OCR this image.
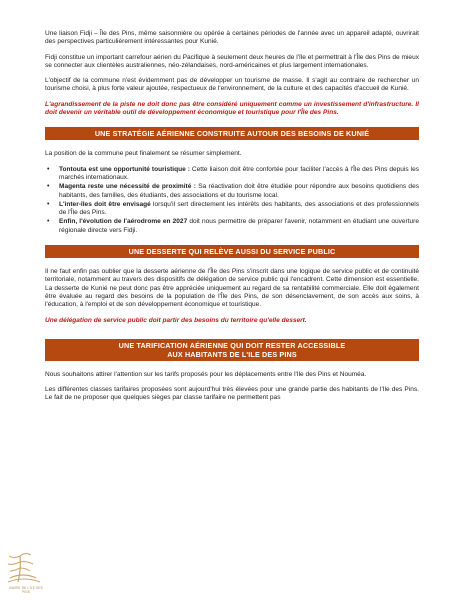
Une liaison Fidji – Île des Pins, même saisonnière ou opérée à certaines périodes de l'année avec un appareil adapté, ouvrirait des perspectives particulièrement intéressantes pour Kunié.

Fidji constitue un important carrefour aérien du Pacifique à seulement deux heures de l'île et permettrait à l'Île des Pins de mieux se connecter aux clientèles australiennes, néo-zélandaises, nord-américaines et plus largement internationales.

L'objectif de la commune n'est évidemment pas de développer un tourisme de masse. Il s'agit au contraire de rechercher un tourisme choisi, à plus forte valeur ajoutée, respectueux de l'environnement, de la culture et des capacités d'accueil de Kunié.

L'agrandissement de la piste ne doit donc pas être considéré uniquement comme un investissement d'infrastructure. Il doit devenir un véritable outil de développement économique et touristique pour l'Île des Pins.

UNE STRATÉGIE AÉRIENNE CONSTRUITE AUTOUR DES BESOINS DE KUNIÉ

La position de la commune peut finalement se résumer simplement.

• Tontouta est une opportunité touristique : Cette liaison doit être confortée pour faciliter l'accès à l'Île des Pins depuis les marchés internationaux.
• Magenta reste une nécessité de proximité : Sa réactivation doit être étudiée pour répondre aux besoins quotidiens des habitants, des familles, des étudiants, des associations et du tourisme local.
• L'inter-îles doit être envisagé lorsqu'il sert directement les intérêts des habitants, des associations et des professionnels de l'Île des Pins.
• Enfin, l'évolution de l'aérodrome en 2027 doit nous permettre de préparer l'avenir, notamment en étudiant une ouverture régionale directe vers Fidji.
UNE DESSERTE QUI RELÈVE AUSSI DU SERVICE PUBLIC

Il ne faut enfin pas oublier que la desserte aérienne de l'Île des Pins s'inscrit dans une logique de service public et de continuité territoriale, notamment au travers des dispositifs de délégation de service public qui l'encadrent. Cette dimension est essentielle. La desserte de Kunié ne peut donc pas être appréciée uniquement au regard de sa rentabilité commerciale. Elle doit également être évaluée au regard des besoins de la population de l'Île des Pins, de son désenclavement, de son accès aux soins, à l'éducation, à l'emploi et de son développement économique et touristique.

Une délégation de service public doit partir des besoins du territoire qu'elle dessert.

UNE TARIFICATION AÉRIENNE QUI DOIT RESTER ACCESSIBLE
AUX HABITANTS DE L'ILE DES PINS

Nous souhaitons attirer l'attention sur les tarifs proposés pour les déplacements entre l'Ile des Pins et Nouméa.

Les différentes classes tarifaires proposées sont aujourd'hui très élevées pour une grande partie des habitants de l'Ile des Pins. Le fait de ne proposer que quelques sièges par classe tarifaire ne permettent pas

MAIRIE DE L'ÎLE DES PINS
